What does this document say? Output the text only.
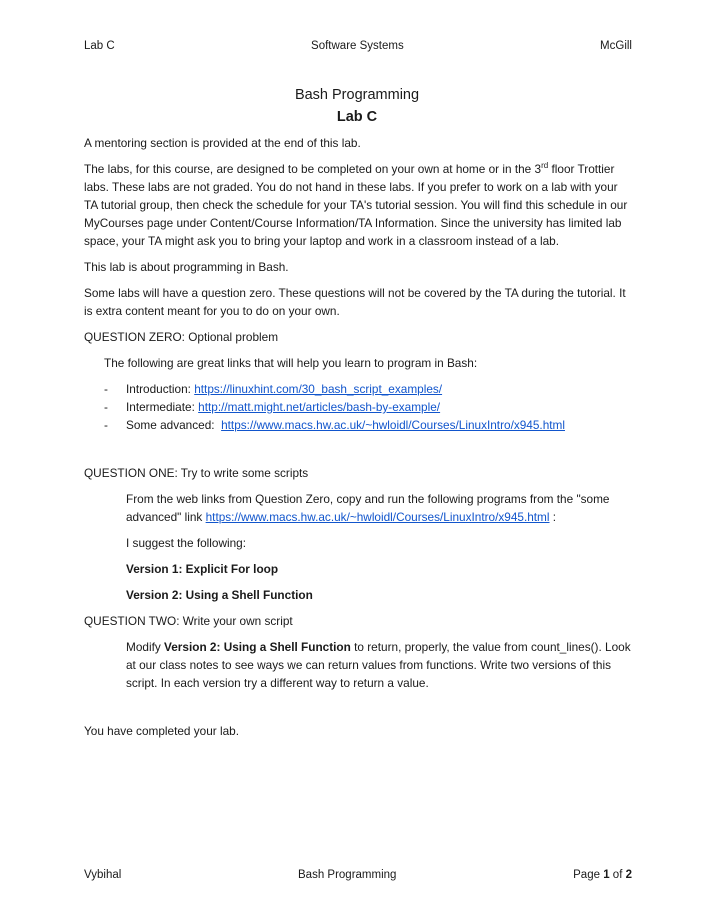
Lab C	Software Systems	McGill
Bash Programming
Lab C

A mentoring section is provided at the end of this lab.

The labs, for this course, are designed to be completed on your own at home or in the 3rd floor Trottier labs. These labs are not graded. You do not hand in these labs. If you prefer to work on a lab with your TA tutorial group, then check the schedule for your TA's tutorial session. You will find this schedule in our MyCourses page under Content/Course Information/TA Information. Since the university has limited lab space, your TA might ask you to bring your laptop and work in a classroom instead of a lab.

This lab is about programming in Bash.

Some labs will have a question zero. These questions will not be covered by the TA during the tutorial. It is extra content meant for you to do on your own.

QUESTION ZERO: Optional problem

The following are great links that will help you learn to program in Bash:

-	Introduction: https://linuxhint.com/30_bash_script_examples/
-	Intermediate: http://matt.might.net/articles/bash-by-example/
-	Some advanced:  https://www.macs.hw.ac.uk/~hwloidl/Courses/LinuxIntro/x945.html

QUESTION ONE: Try to write some scripts

From the web links from Question Zero, copy and run the following programs from the "some advanced" link https://www.macs.hw.ac.uk/~hwloidl/Courses/LinuxIntro/x945.html :

I suggest the following:

Version 1: Explicit For loop

Version 2: Using a Shell Function

QUESTION TWO: Write your own script

Modify Version 2: Using a Shell Function to return, properly, the value from count_lines(). Look at our class notes to see ways we can return values from functions. Write two versions of this script. In each version try a different way to return a value.

You have completed your lab.

Vybihal	Bash Programming	Page 1 of 2
